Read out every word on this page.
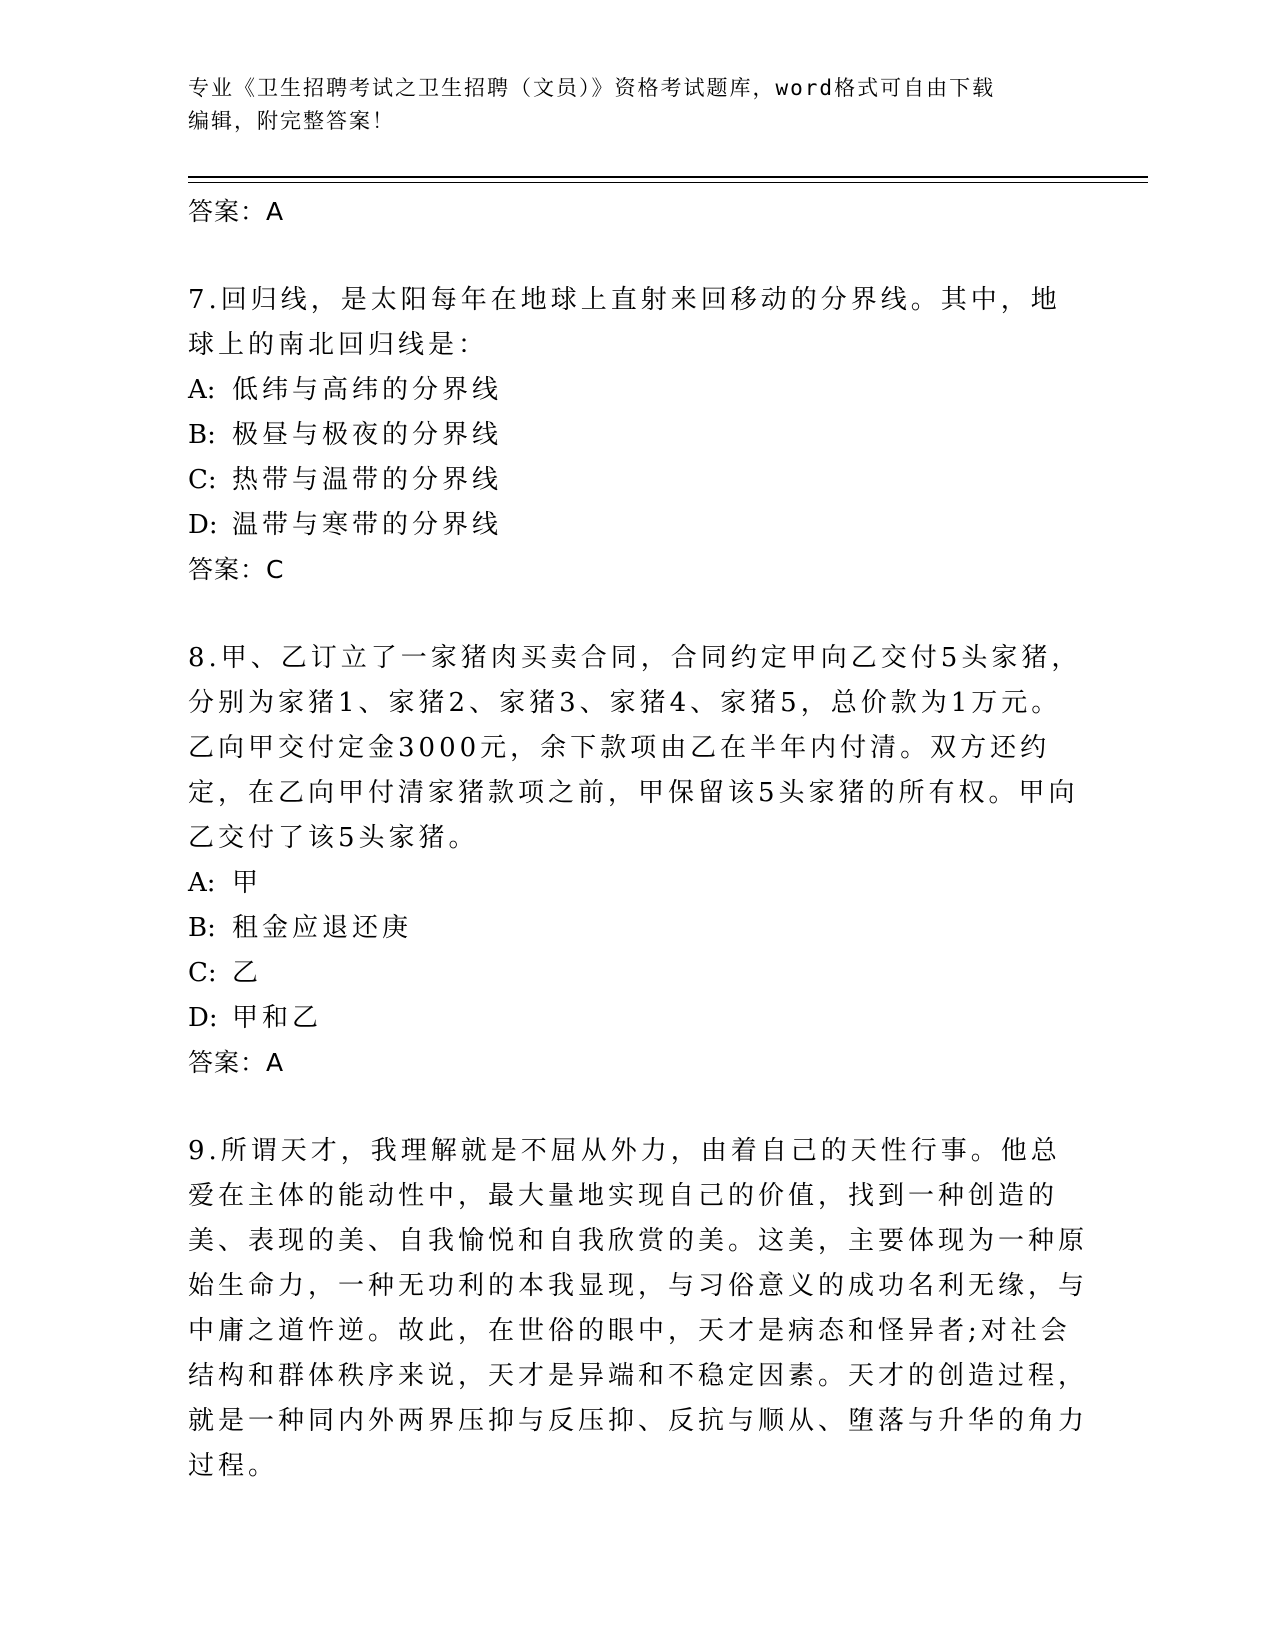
专业《卫生招聘考试之卫生招聘（文员）》资格考试题库，word格式可自由下载
编辑，附完整答案！
答案：A
7.回归线，是太阳每年在地球上直射来回移动的分界线。其中，地球上的南北回归线是：
A: 低纬与高纬的分界线
B: 极昼与极夜的分界线
C: 热带与温带的分界线
D: 温带与寒带的分界线
答案：C
8.甲、乙订立了一家猪肉买卖合同，合同约定甲向乙交付5头家猪，分别为家猪1、家猪2、家猪3、家猪4、家猪5，总价款为1万元。乙向甲交付定金3000元，余下款项由乙在半年内付清。双方还约定，在乙向甲付清家猪款项之前，甲保留该5头家猪的所有权。甲向乙交付了该5头家猪。
A: 甲
B: 租金应退还庚
C: 乙
D: 甲和乙
答案：A
9.所谓天才，我理解就是不屈从外力，由着自己的天性行事。他总爱在主体的能动性中，最大量地实现自己的价值，找到一种创造的美、表现的美、自我愉悦和自我欣赏的美。这美，主要体现为一种原始生命力，一种无功利的本我显现，与习俗意义的成功名利无缘，与中庸之道忤逆。故此，在世俗的眼中，天才是病态和怪异者;对社会结构和群体秩序来说，天才是异端和不稳定因素。天才的创造过程，就是一种同内外两界压抑与反压抑、反抗与顺从、堕落与升华的角力过程。
